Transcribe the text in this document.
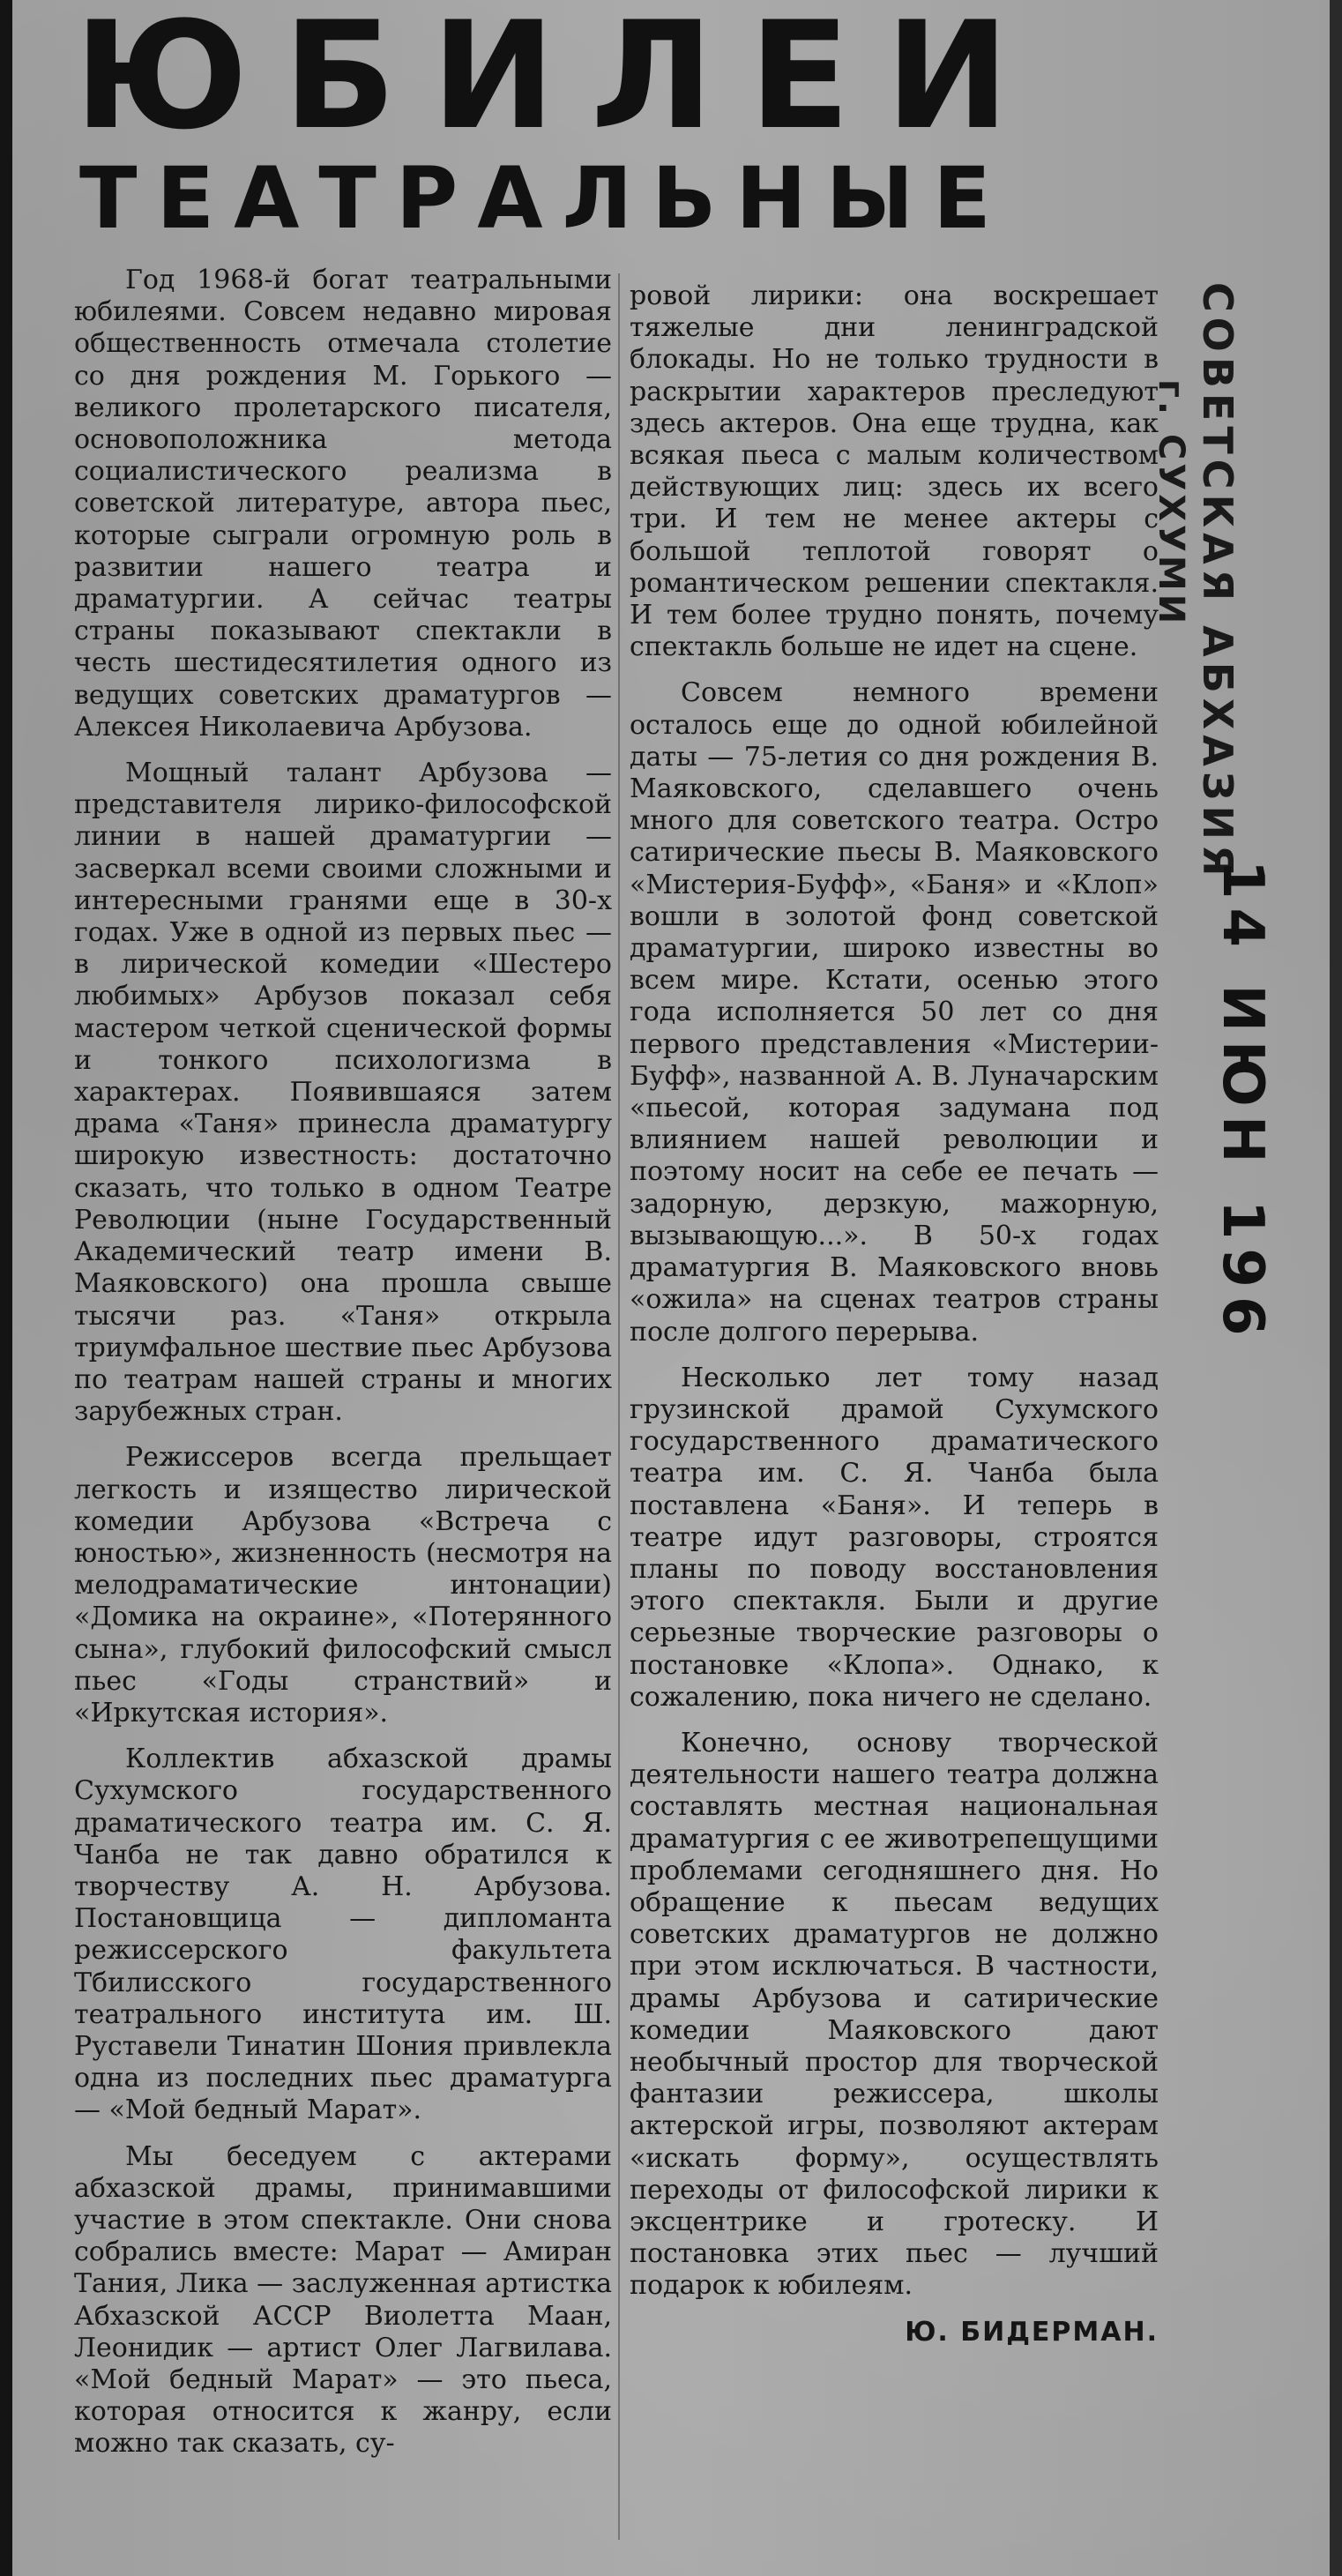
ЮБИЛЕИ
ТЕАТРАЛЬНЫЕ

Год 1968-й богат театральными юбилеями. Совсем недавно мировая общественность отмечала столетие со дня рождения М. Горького — великого пролетарского писателя, основоположника метода социалистического реализма в советской литературе, автора пьес, которые сыграли огромную роль в развитии нашего театра и драматургии. А сейчас театры страны показывают спектакли в честь шестидесятилетия одного из ведущих советских драматургов — Алексея Николаевича Арбузова.

Мощный талант Арбузова — представителя лирико-философской линии в нашей драматургии — засверкал всеми своими сложными и интересными гранями еще в 30-х годах. Уже в одной из первых пьес — в лирической комедии «Шестеро любимых» Арбузов показал себя мастером четкой сценической формы и тонкого психологизма в характерах. Появившаяся затем драма «Таня» принесла драматургу широкую известность: достаточно сказать, что только в одном Театре Революции (ныне Государственный Академический театр имени В. Маяковского) она прошла свыше тысячи раз. «Таня» открыла триумфальное шествие пьес Арбузова по театрам нашей страны и многих зарубежных стран.

Режиссеров всегда прельщает легкость и изящество лирической комедии Арбузова «Встреча с юностью», жизненность (несмотря на мелодраматические интонации) «Домика на окраине», «Потерянного сына», глубокий философский смысл пьес «Годы странствий» и «Иркутская история».

Коллектив абхазской драмы Сухумского государственного драматического театра им. С. Я. Чанба не так давно обратился к творчеству А. Н. Арбузова. Постановщица — дипломанта режиссерского факультета Тбилисского государственного театрального института им. Ш. Руставели Тинатин Шония привлекла одна из последних пьес драматурга — «Мой бедный Марат».

Мы беседуем с актерами абхазской драмы, принимавшими участие в этом спектакле. Они снова собрались вместе: Марат — Амиран Тания, Лика — заслуженная артистка Абхазской АССР Виолетта Маан, Леонидик — артист Олег Лагвилава. «Мой бедный Марат» — это пьеса, которая относится к жанру, если можно так сказать, су-

ровой лирики: она воскрешает тяжелые дни ленинградской блокады. Но не только трудности в раскрытии характеров преследуют здесь актеров. Она еще трудна, как всякая пьеса с малым количеством действующих лиц: здесь их всего три. И тем не менее актеры с большой теплотой говорят о романтическом решении спектакля. И тем более трудно понять, почему спектакль больше не идет на сцене.

Совсем немного времени осталось еще до одной юбилейной даты — 75-летия со дня рождения В. Маяковского, сделавшего очень много для советского театра. Остро сатирические пьесы В. Маяковского «Мистерия-Буфф», «Баня» и «Клоп» вошли в золотой фонд советской драматургии, широко известны во всем мире. Кстати, осенью этого года исполняется 50 лет со дня первого представления «Мистерии-Буфф», названной А. В. Луначарским «пьесой, которая задумана под влиянием нашей революции и поэтому носит на себе ее печать — задорную, дерзкую, мажорную, вызывающую...». В 50-х годах драматургия В. Маяковского вновь «ожила» на сценах театров страны после долгого перерыва.

Несколько лет тому назад грузинской драмой Сухумского государственного драматического театра им. С. Я. Чанба была поставлена «Баня». И теперь в театре идут разговоры, строятся планы по поводу восстановления этого спектакля. Были и другие серьезные творческие разговоры о постановке «Клопа». Однако, к сожалению, пока ничего не сделано.

Конечно, основу творческой деятельности нашего театра должна составлять местная национальная драматургия с ее животрепещущими проблемами сегодняшнего дня. Но обращение к пьесам ведущих советских драматургов не должно при этом исключаться. В частности, драмы Арбузова и сатирические комедии Маяковского дают необычный простор для творческой фантазии режиссера, школы актерской игры, позволяют актерам «искать форму», осуществлять переходы от философской лирики к эксцентрике и гротеску. И постановка этих пьес — лучший подарок к юбилеям.

Ю. БИДЕРМАН.

СОВЕТСКАЯ АБХАЗИЯ
г. СУХУМИ
14 ИЮН 196
